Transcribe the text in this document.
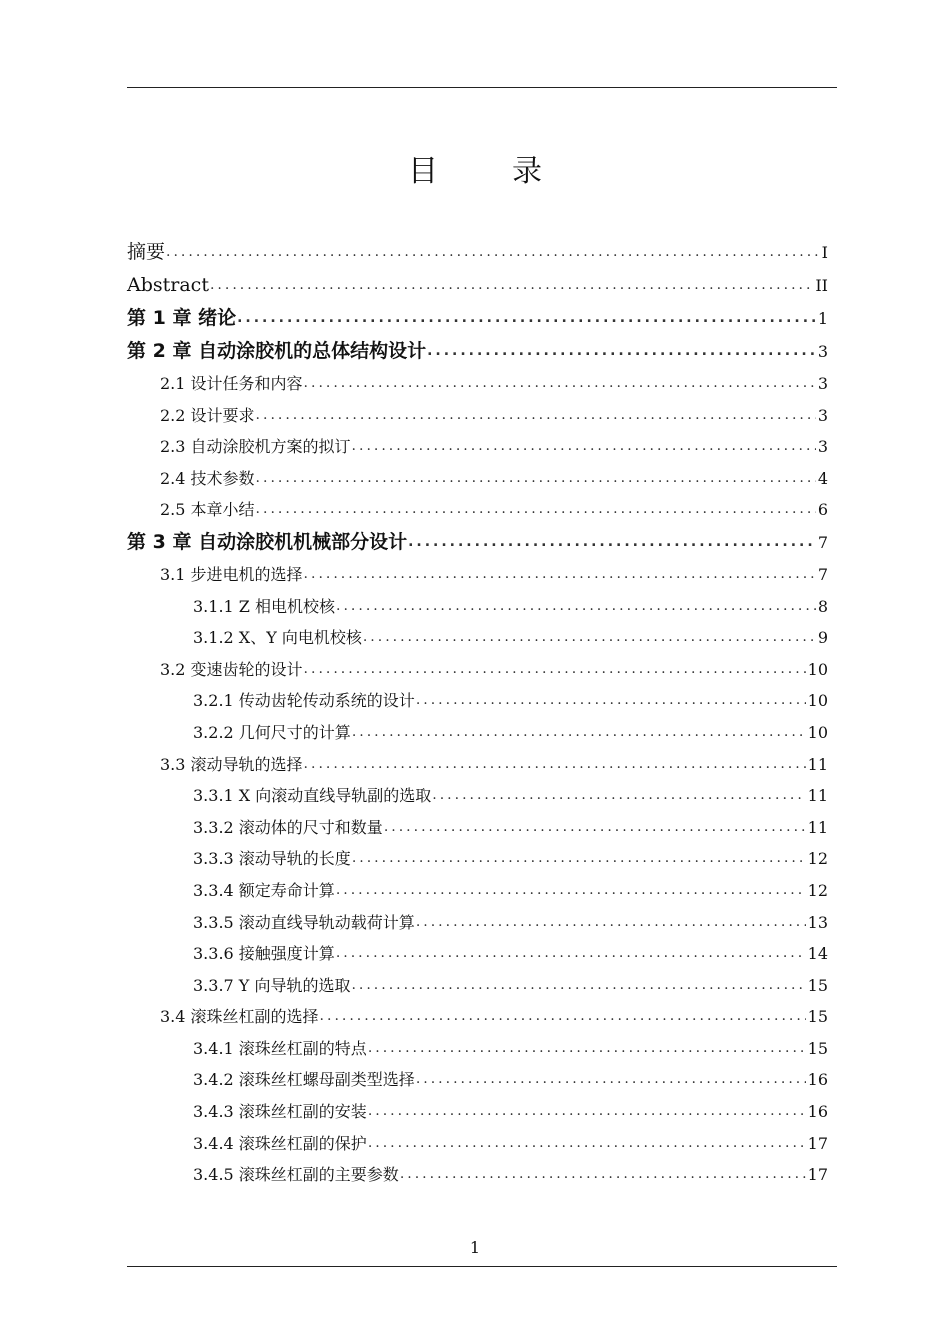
目　录
摘要 .....	I
Abstract .....	II
第 1 章 绪论 .....	1
第 2 章 自动涂胶机的总体结构设计 .....	3
2.1 设计任务和内容 .....	3
2.2 设计要求 .....	3
2.3 自动涂胶机方案的拟订 .....	3
2.4 技术参数 .....	4
2.5 本章小结 .....	6
第 3 章 自动涂胶机机械部分设计 .....	7
3.1 步进电机的选择 .....	7
3.1.1 Z 相电机校核 .....	8
3.1.2 X、Y 向电机校核 .....	9
3.2 变速齿轮的设计 .....	10
3.2.1 传动齿轮传动系统的设计 .....	10
3.2.2 几何尺寸的计算 .....	10
3.3 滚动导轨的选择 .....	11
3.3.1 X 向滚动直线导轨副的选取 .....	11
3.3.2 滚动体的尺寸和数量 .....	11
3.3.3 滚动导轨的长度 .....	12
3.3.4 额定寿命计算 .....	12
3.3.5 滚动直线导轨动载荷计算 .....	13
3.3.6 接触强度计算 .....	14
3.3.7 Y 向导轨的选取 .....	15
3.4 滚珠丝杠副的选择 .....	15
3.4.1 滚珠丝杠副的特点 .....	15
3.4.2 滚珠丝杠螺母副类型选择 .....	16
3.4.3 滚珠丝杠副的安装 .....	16
3.4.4 滚珠丝杠副的保护 .....	17
3.4.5 滚珠丝杠副的主要参数 .....	17
1
